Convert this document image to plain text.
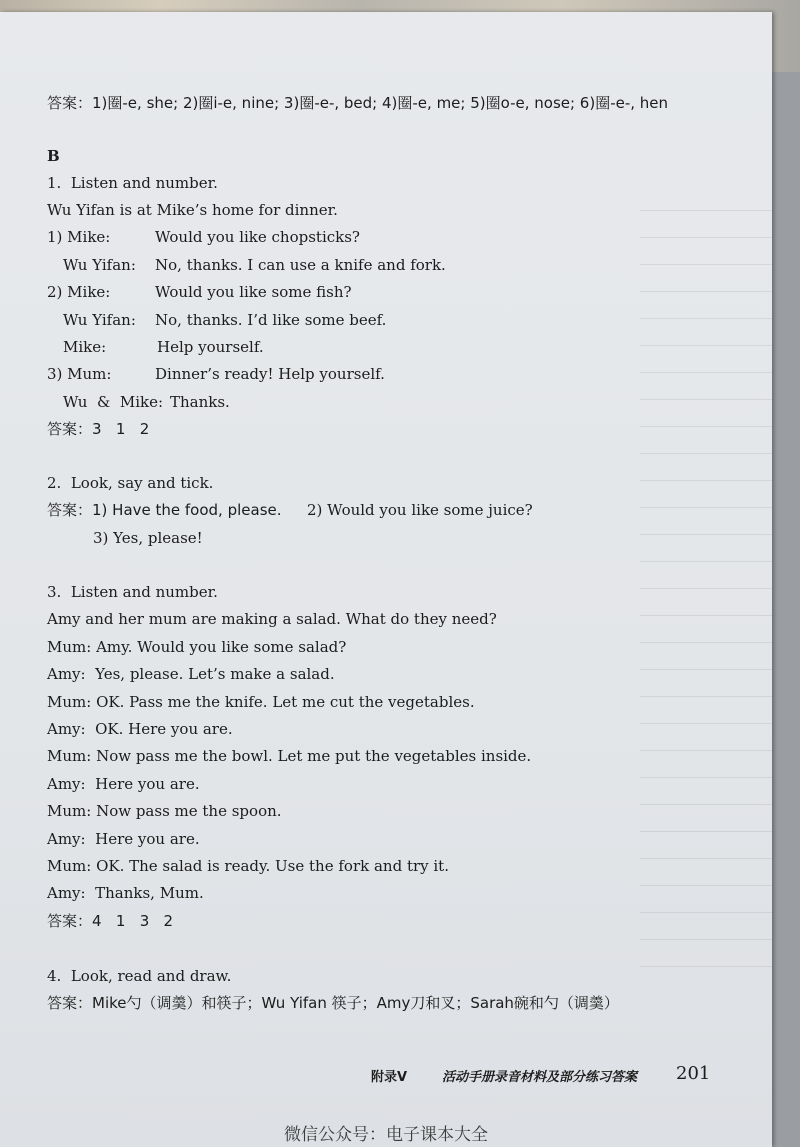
答案：1)圈-e, she; 2)圈i-e, nine; 3)圈-e-, bed; 4)圈-e, me; 5)圈o-e, nose; 6)圈-e-, hen
B
1.  Listen and number.
Wu Yifan is at Mike’s home for dinner.
1) Mike:	Would you like chopsticks?
Wu Yifan: No, thanks. I can use a knife and fork.
2) Mike:	Would you like some fish?
Wu Yifan: No, thanks. I’d like some beef.
Mike:	Help yourself.
3) Mum:	Dinner’s ready! Help yourself.
Wu  &  Mike: Thanks.
答案：3   1   2
2.  Look, say and tick.
答案：1) Have the food, please. 2) Would you like some juice?
3) Yes, please!
3.  Listen and number.
Amy and her mum are making a salad. What do they need?
Mum: Amy. Would you like some salad?
Amy:  Yes, please. Let’s make a salad.
Mum: OK. Pass me the knife. Let me cut the vegetables.
Amy:  OK. Here you are.
Mum: Now pass me the bowl. Let me put the vegetables inside.
Amy:  Here you are.
Mum: Now pass me the spoon.
Amy:  Here you are.
Mum: OK. The salad is ready. Use the fork and try it.
Amy:  Thanks, Mum.
答案：4   1   3   2
4.  Look, read and draw.
答案：Mike勺（调羹）和筷子；Wu Yifan 筷子；Amy刀和叉；Sarah碗和勺（调羹）
附录V	活动手册录音材料及部分练习答案 201
微信公众号：电子课本大全
